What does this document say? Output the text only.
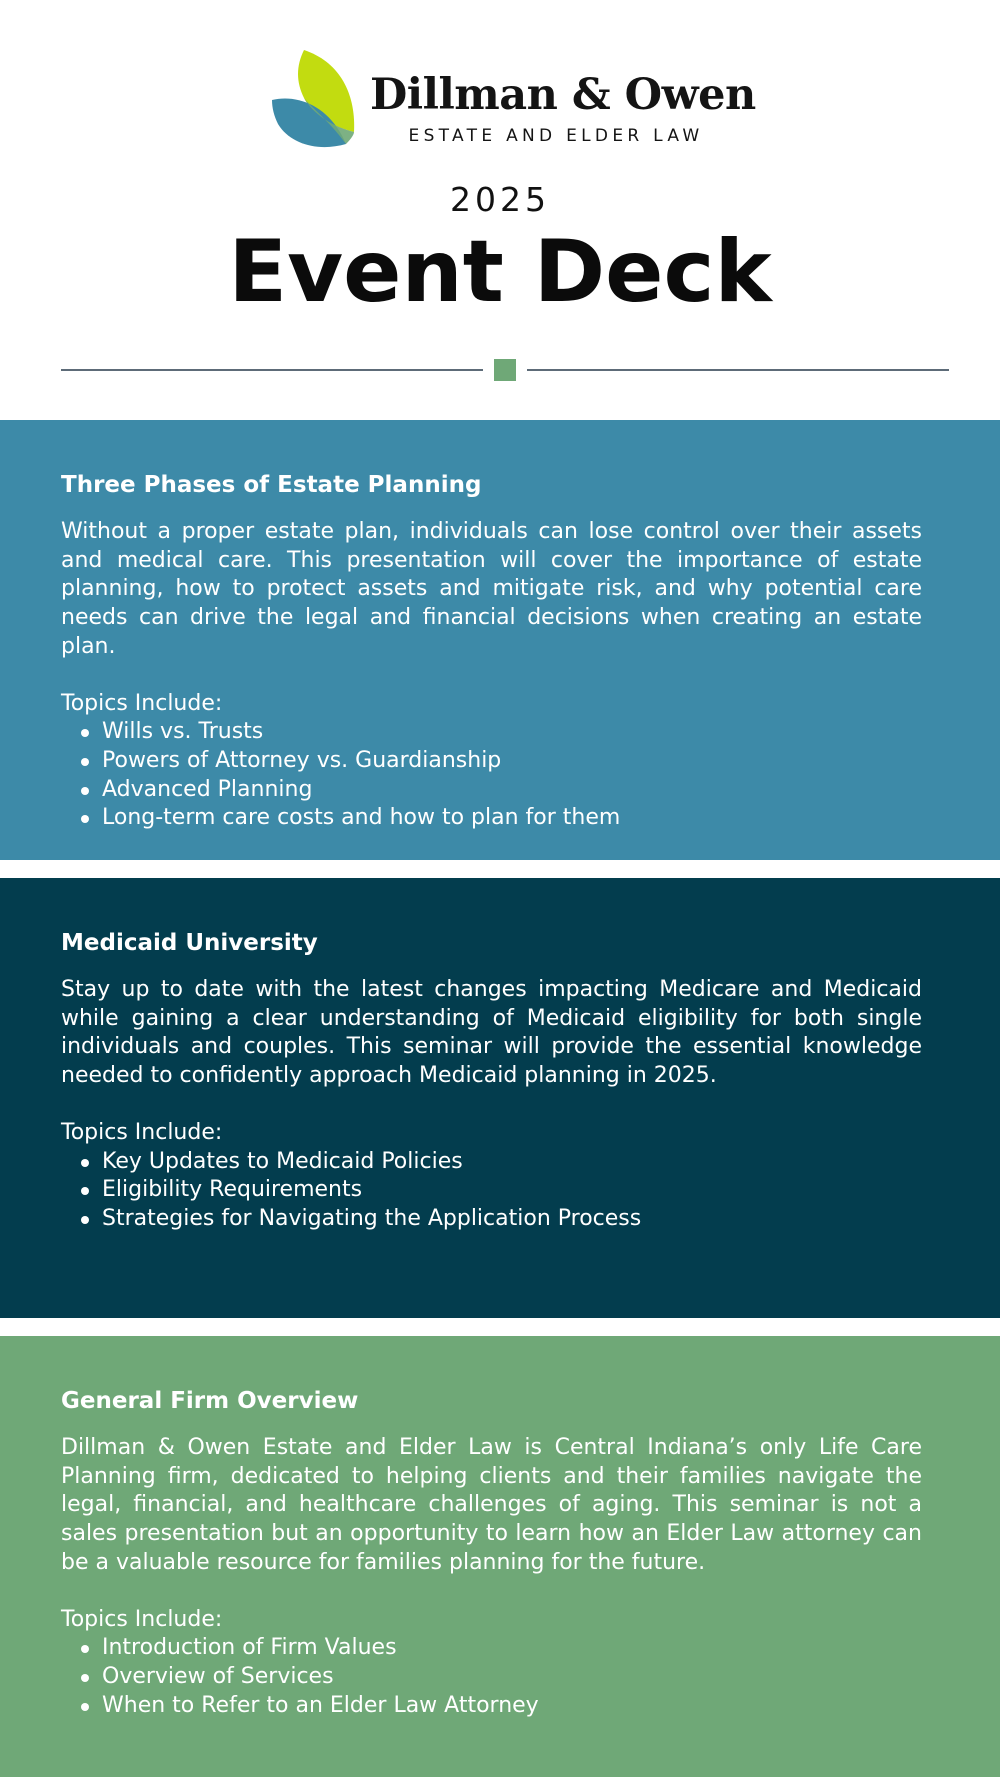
Dillman & Owen
ESTATE AND ELDER LAW
2025
Event Deck
Three Phases of Estate Planning

Without a proper estate plan, individuals can lose control over their assets and medical care. This presentation will cover the importance of estate planning, how to protect assets and mitigate risk, and why potential care needs can drive the legal and financial decisions when creating an estate plan.

Topics Include:
Wills vs. Trusts
Powers of Attorney vs. Guardianship
Advanced Planning
Long-term care costs and how to plan for them
Medicaid University

Stay up to date with the latest changes impacting Medicare and Medicaid while gaining a clear understanding of Medicaid eligibility for both single individuals and couples. This seminar will provide the essential knowledge needed to confidently approach Medicaid planning in 2025.

Topics Include:
Key Updates to Medicaid Policies
Eligibility Requirements
Strategies for Navigating the Application Process
General Firm Overview

Dillman & Owen Estate and Elder Law is Central Indiana’s only Life Care Planning firm, dedicated to helping clients and their families navigate the legal, financial, and healthcare challenges of aging. This seminar is not a sales presentation but an opportunity to learn how an Elder Law attorney can be a valuable resource for families planning for the future.

Topics Include:
Introduction of Firm Values
Overview of Services
When to Refer to an Elder Law Attorney
